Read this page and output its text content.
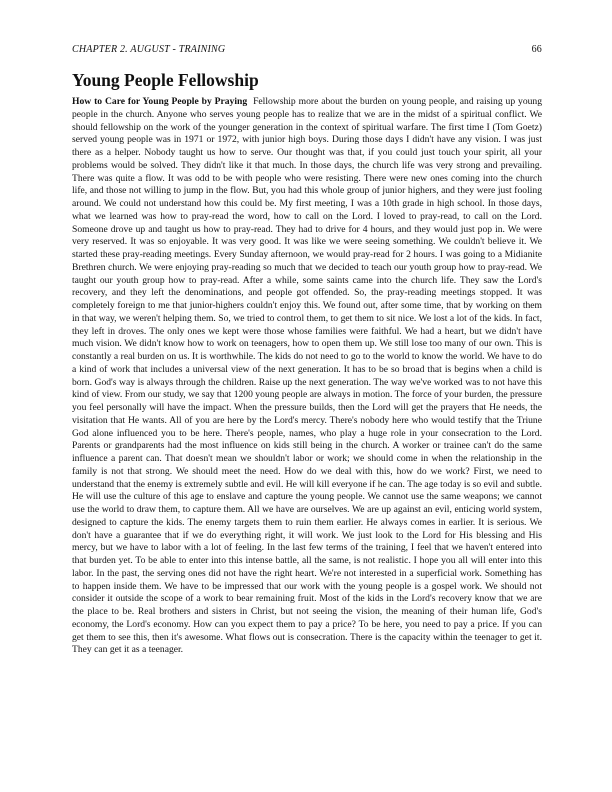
CHAPTER 2. AUGUST - TRAINING	66
Young People Fellowship

How to Care for Young People by Praying Fellowship more about the burden on young people, and raising up young people in the church. Anyone who serves young people has to realize that we are in the midst of a spiritual conflict. We should fellowship on the work of the younger generation in the context of spiritual warfare. The first time I (Tom Goetz) served young people was in 1971 or 1972, with junior high boys. During those days I didn't have any vision. I was just there as a helper. Nobody taught us how to serve. Our thought was that, if you could just touch your spirit, all your problems would be solved. They didn't like it that much. In those days, the church life was very strong and prevailing. There was quite a flow. It was odd to be with people who were resisting. There were new ones coming into the church life, and those not willing to jump in the flow. But, you had this whole group of junior highers, and they were just fooling around. We could not understand how this could be. My first meeting, I was a 10th grade in high school. In those days, what we learned was how to pray-read the word, how to call on the Lord. I loved to pray-read, to call on the Lord. Someone drove up and taught us how to pray-read. They had to drive for 4 hours, and they would just pop in. We were very reserved. It was so enjoyable. It was very good. It was like we were seeing something. We couldn't believe it. We started these pray-reading meetings. Every Sunday afternoon, we would pray-read for 2 hours. I was going to a Midianite Brethren church. We were enjoying pray-reading so much that we decided to teach our youth group how to pray-read. We taught our youth group how to pray-read. After a while, some saints came into the church life. They saw the Lord's recovery, and they left the denominations, and people got offended. So, the pray-reading meetings stopped. It was completely foreign to me that junior-highers couldn't enjoy this. We found out, after some time, that by working on them in that way, we weren't helping them. So, we tried to control them, to get them to sit nice. We lost a lot of the kids. In fact, they left in droves. The only ones we kept were those whose families were faithful. We had a heart, but we didn't have much vision. We didn't know how to work on teenagers, how to open them up. We still lose too many of our own. This is constantly a real burden on us. It is worthwhile. The kids do not need to go to the world to know the world. We have to do a kind of work that includes a universal view of the next generation. It has to be so broad that is begins when a child is born. God's way is always through the children. Raise up the next generation. The way we've worked was to not have this kind of view. From our study, we say that 1200 young people are always in motion. The force of your burden, the pressure you feel personally will have the impact. When the pressure builds, then the Lord will get the prayers that He needs, the visitation that He wants. All of you are here by the Lord's mercy. There's nobody here who would testify that the Triune God alone influenced you to be here. There's people, names, who play a huge role in your consecration to the Lord. Parents or grandparents had the most influence on kids still being in the church. A worker or trainee can't do the same influence a parent can. That doesn't mean we shouldn't labor or work; we should come in when the relationship in the family is not that strong. We should meet the need. How do we deal with this, how do we work? First, we need to understand that the enemy is extremely subtle and evil. He will kill everyone if he can. The age today is so evil and subtle. He will use the culture of this age to enslave and capture the young people. We cannot use the same weapons; we cannot use the world to draw them, to capture them. All we have are ourselves. We are up against an evil, enticing world system, designed to capture the kids. The enemy targets them to ruin them earlier. He always comes in earlier. It is serious. We don't have a guarantee that if we do everything right, it will work. We just look to the Lord for His blessing and His mercy, but we have to labor with a lot of feeling. In the last few terms of the training, I feel that we haven't entered into that burden yet. To be able to enter into this intense battle, all the same, is not realistic. I hope you all will enter into this labor. In the past, the serving ones did not have the right heart. We're not interested in a superficial work. Something has to happen inside them. We have to be impressed that our work with the young people is a gospel work. We should not consider it outside the scope of a work to bear remaining fruit. Most of the kids in the Lord's recovery know that we are the place to be. Real brothers and sisters in Christ, but not seeing the vision, the meaning of their human life, God's economy, the Lord's economy. How can you expect them to pay a price? To be here, you need to pay a price. If you can get them to see this, then it's awesome. What flows out is consecration. There is the capacity within the teenager to get it. They can get it as a teenager.
